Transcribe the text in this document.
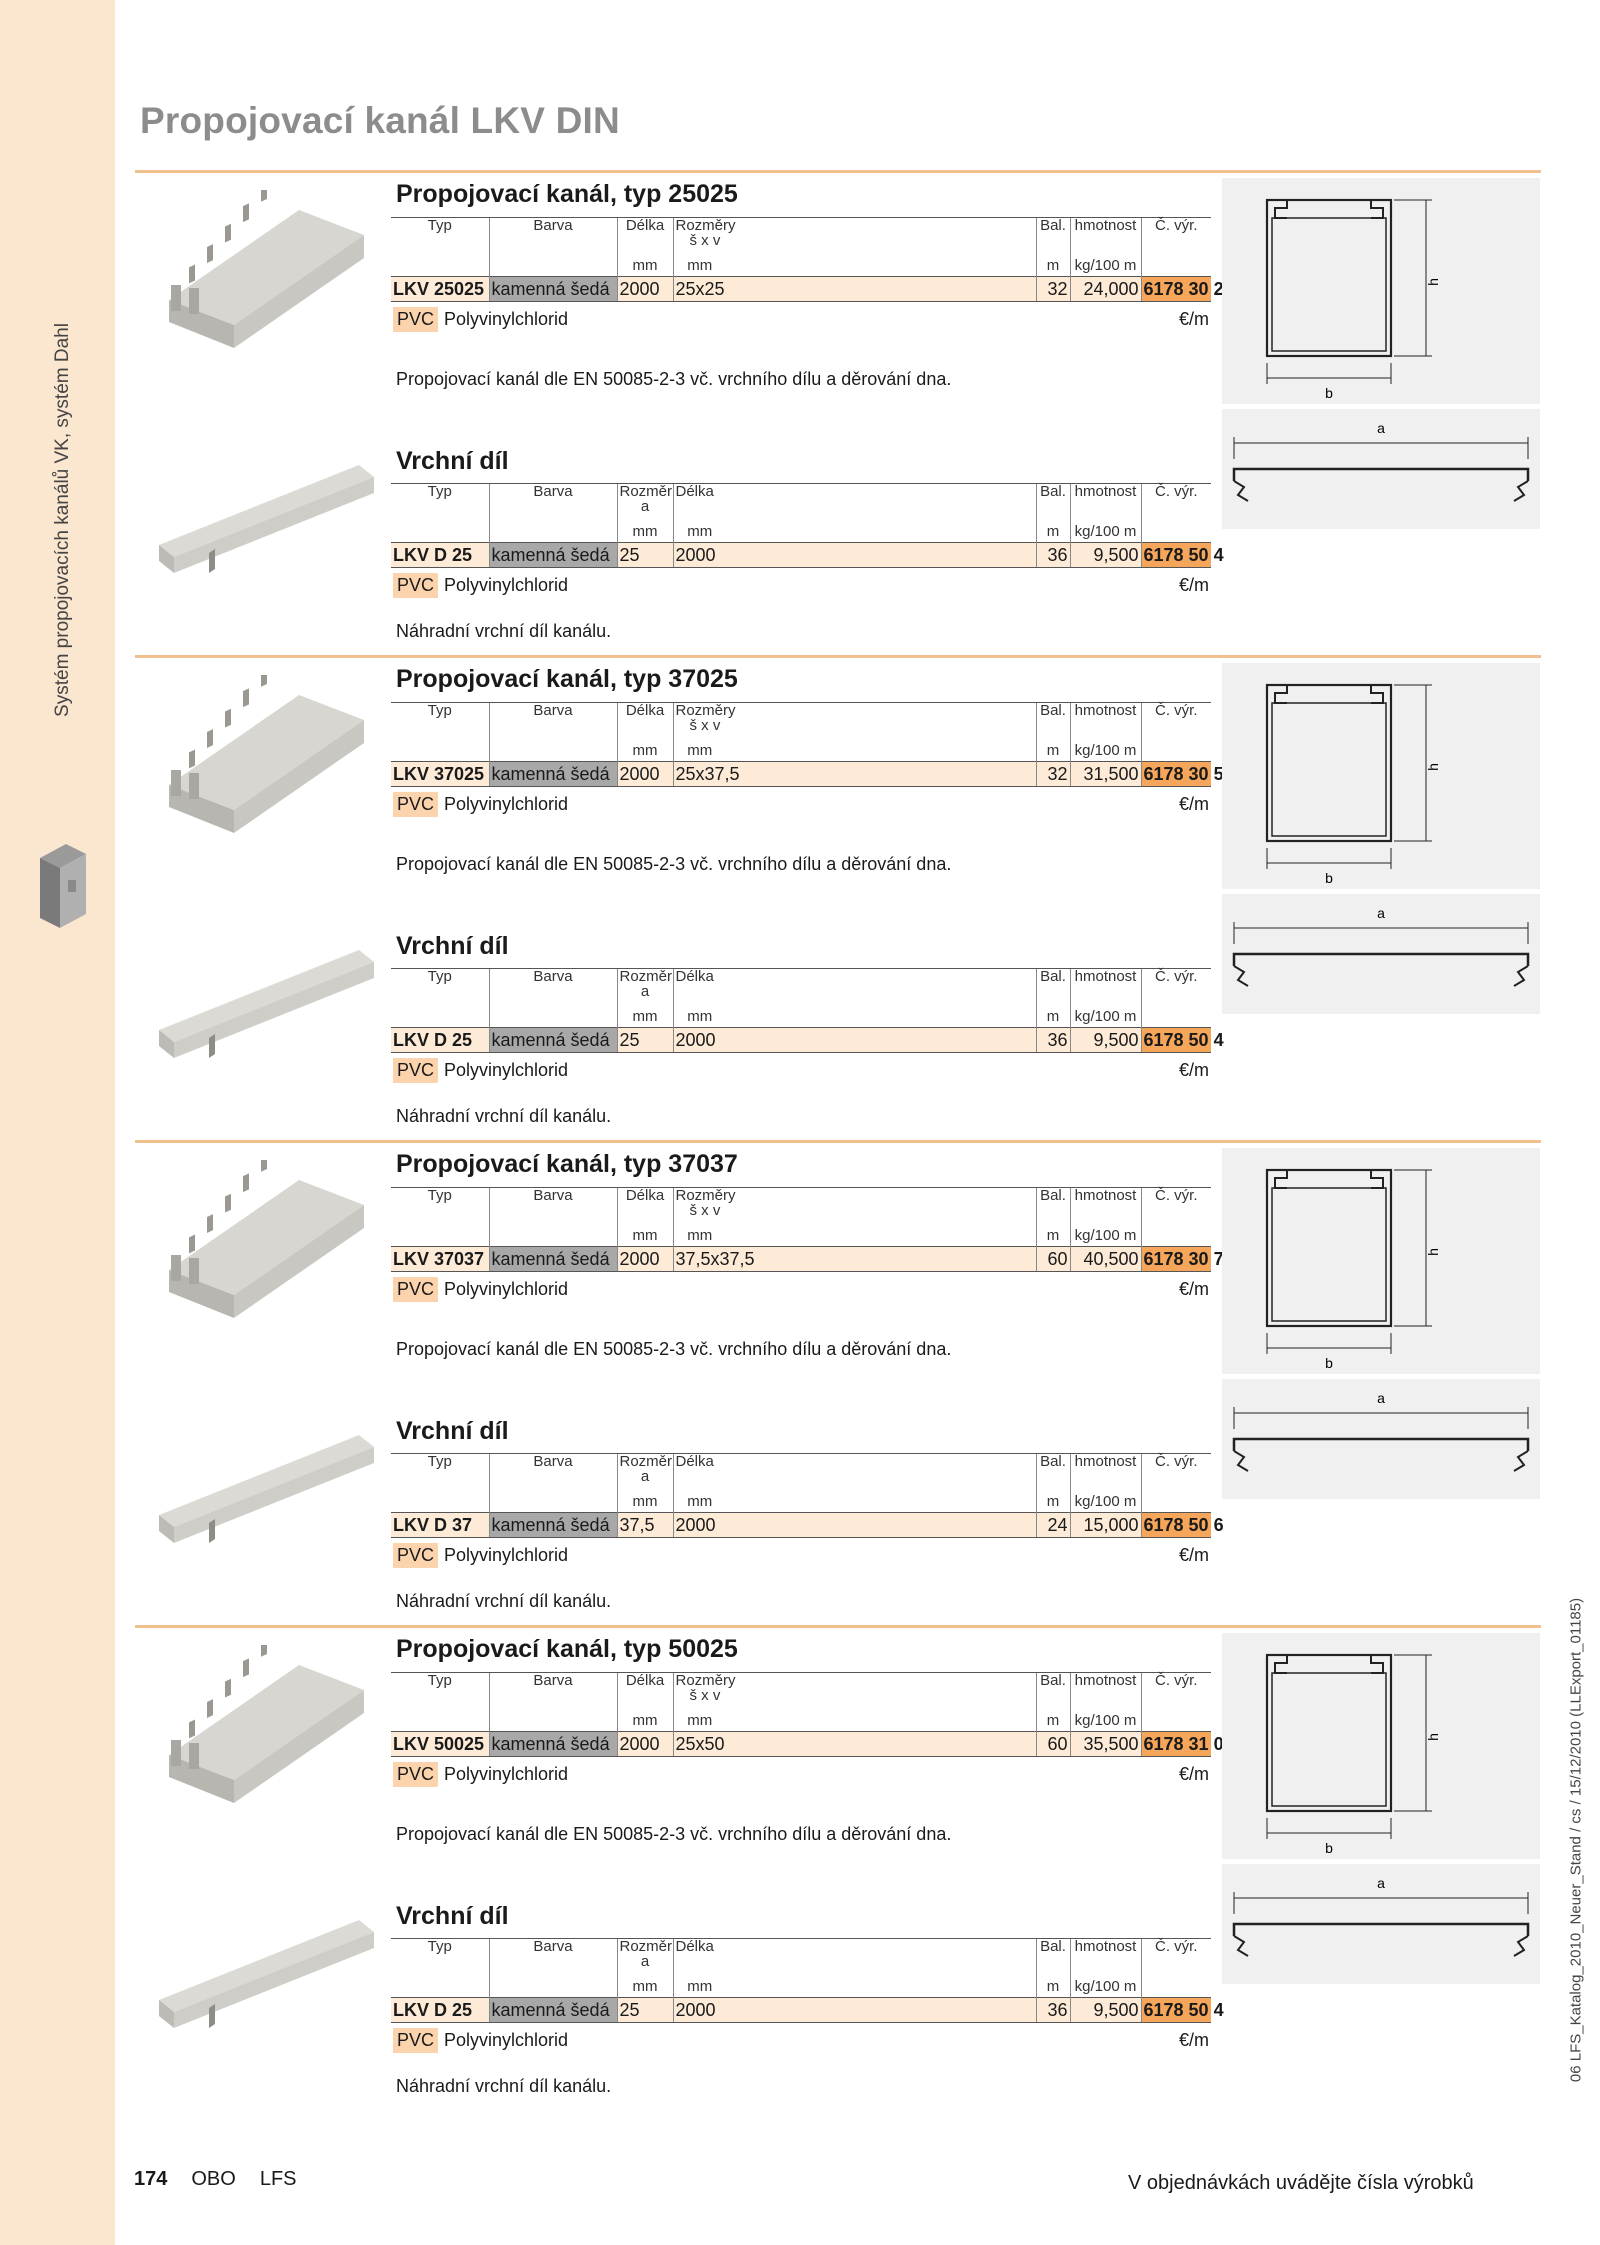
Systém propojovacích kanálů VK, systém Dahl
Propojovací kanál LKV DIN
06 LFS_Katalog_2010_Neuer_Stand / cs / 15/12/2010 (LLExport_01185)
174 OBO LFS	V objednávkách uvádějte čísla výrobků
Propojovací kanál, typ 25025
Typ	Barva	Délka	Rozměry
š x v		Bal.	hmotnost	Č. výr.
		mm	mm		m	kg/100 m	
LKV 25025	kamenná šedá	2000	25x25		32	24,000	6178 30 2
PVC Polyvinylchlorid							€/m
Propojovací kanál dle EN 50085-2-3 vč. vrchního dílu a děrování dna.
b
h
Vrchní díl
Typ	Barva	Rozměr
a	Délka		Bal.	hmotnost	Č. výr.
		mm	mm		m	kg/100 m	
LKV D 25	kamenná šedá	25	2000		36	9,500	6178 50 4
PVC Polyvinylchlorid							€/m
Náhradní vrchní díl kanálu.
a
Propojovací kanál, typ 37025
Typ	Barva	Délka	Rozměry
š x v		Bal.	hmotnost	Č. výr.
		mm	mm		m	kg/100 m	
LKV 37025	kamenná šedá	2000	25x37,5		32	31,500	6178 30 5
PVC Polyvinylchlorid							€/m
Propojovací kanál dle EN 50085-2-3 vč. vrchního dílu a děrování dna.
b
h
Vrchní díl
Typ	Barva	Rozměr
a	Délka		Bal.	hmotnost	Č. výr.
		mm	mm		m	kg/100 m	
LKV D 25	kamenná šedá	25	2000		36	9,500	6178 50 4
PVC Polyvinylchlorid							€/m
Náhradní vrchní díl kanálu.
a
Propojovací kanál, typ 37037
Typ	Barva	Délka	Rozměry
š x v		Bal.	hmotnost	Č. výr.
		mm	mm		m	kg/100 m	
LKV 37037	kamenná šedá	2000	37,5x37,5		60	40,500	6178 30 7
PVC Polyvinylchlorid							€/m
Propojovací kanál dle EN 50085-2-3 vč. vrchního dílu a děrování dna.
b
h
Vrchní díl
Typ	Barva	Rozměr
a	Délka		Bal.	hmotnost	Č. výr.
		mm	mm		m	kg/100 m	
LKV D 37	kamenná šedá	37,5	2000		24	15,000	6178 50 6
PVC Polyvinylchlorid							€/m
Náhradní vrchní díl kanálu.
a
Propojovací kanál, typ 50025
Typ	Barva	Délka	Rozměry
š x v		Bal.	hmotnost	Č. výr.
		mm	mm		m	kg/100 m	
LKV 50025	kamenná šedá	2000	25x50		60	35,500	6178 31 0
PVC Polyvinylchlorid							€/m
Propojovací kanál dle EN 50085-2-3 vč. vrchního dílu a děrování dna.
b
h
Vrchní díl
Typ	Barva	Rozměr
a	Délka		Bal.	hmotnost	Č. výr.
		mm	mm		m	kg/100 m	
LKV D 25	kamenná šedá	25	2000		36	9,500	6178 50 4
PVC Polyvinylchlorid							€/m
Náhradní vrchní díl kanálu.
a
